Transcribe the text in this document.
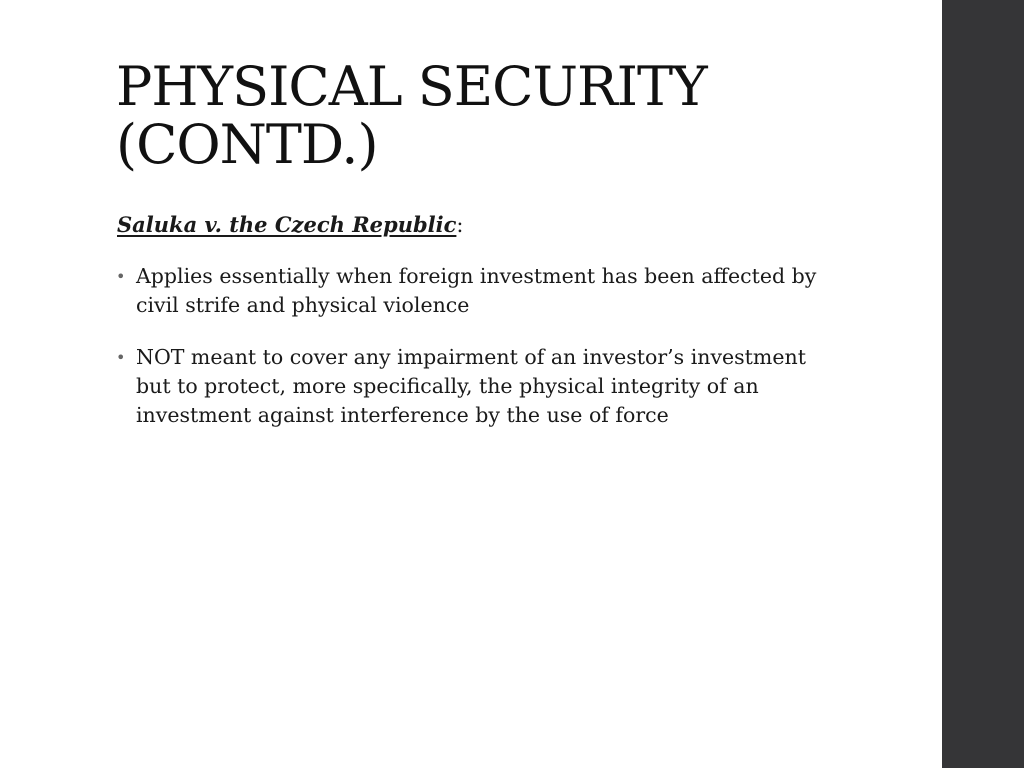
PHYSICAL SECURITY
(CONTD.)

Saluka v. the Czech Republic:

• Applies essentially when foreign investment has been affected by civil strife and physical violence
• NOT meant to cover any impairment of an investor’s investment but to protect, more specifically, the physical integrity of an investment against interference by the use of force
